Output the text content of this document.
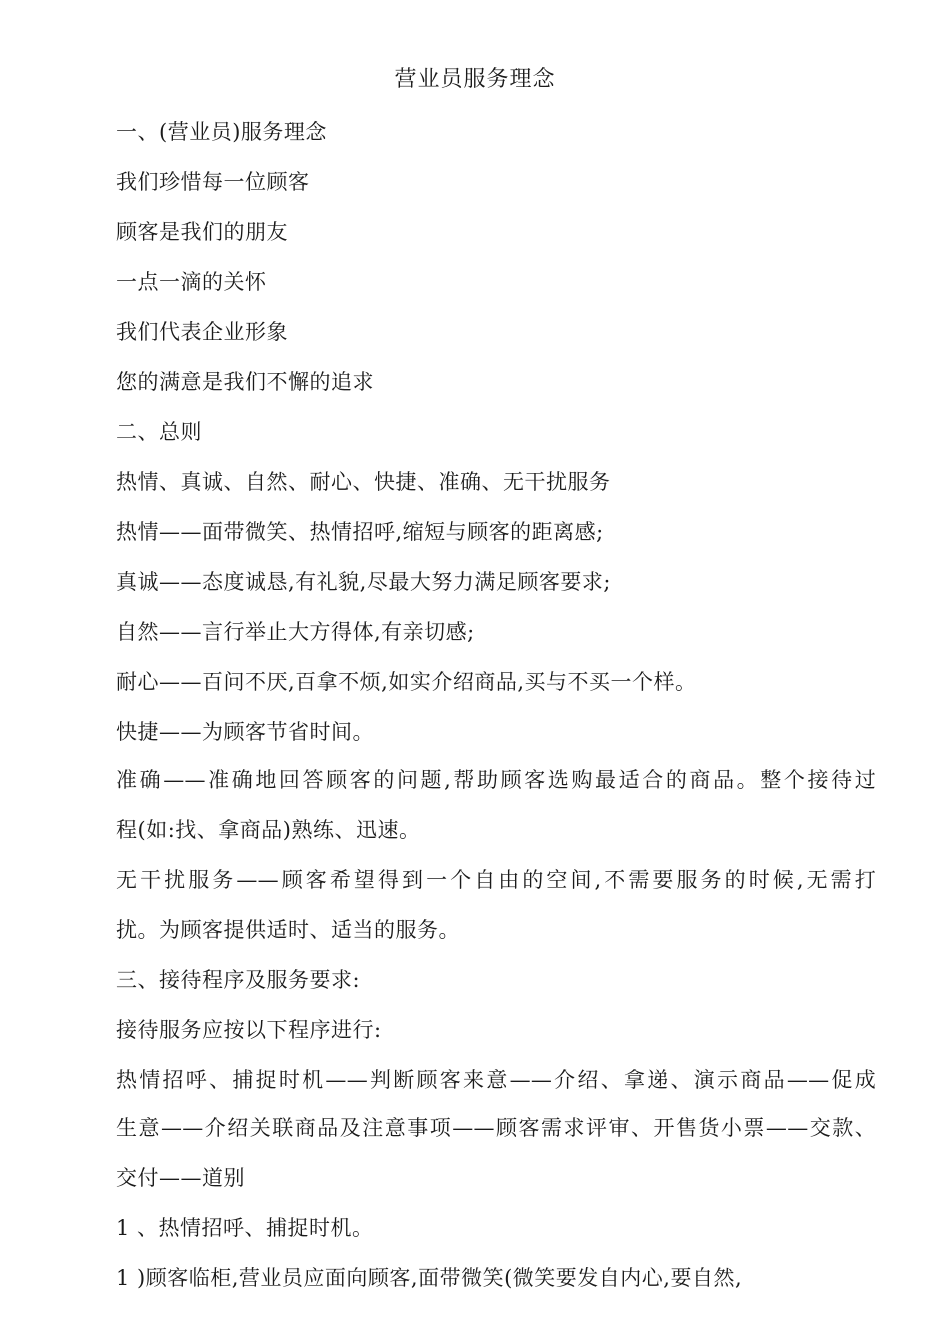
营业员服务理念
一、(营业员)服务理念
我们珍惜每一位顾客
顾客是我们的朋友
一点一滴的关怀
我们代表企业形象
您的满意是我们不懈的追求
二、总则
热情、真诚、自然、耐心、快捷、准确、无干扰服务
热情——面带微笑、热情招呼,缩短与顾客的距离感;
真诚——态度诚恳,有礼貌,尽最大努力满足顾客要求;
自然——言行举止大方得体,有亲切感;
耐心——百问不厌,百拿不烦,如实介绍商品,买与不买一个样。
快捷——为顾客节省时间。
准确——准确地回答顾客的问题,帮助顾客选购最适合的商品。整个接待过
程(如:找、拿商品)熟练、迅速。
无干扰服务——顾客希望得到一个自由的空间,不需要服务的时候,无需打
扰。为顾客提供适时、适当的服务。
三、接待程序及服务要求:
接待服务应按以下程序进行:
热情招呼、捕捉时机——判断顾客来意——介绍、拿递、演示商品——促成
生意——介绍关联商品及注意事项——顾客需求评审、开售货小票——交款、
交付——道别
1 、热情招呼、捕捉时机。
1 )顾客临柜,营业员应面向顾客,面带微笑(微笑要发自内心,要自然,
